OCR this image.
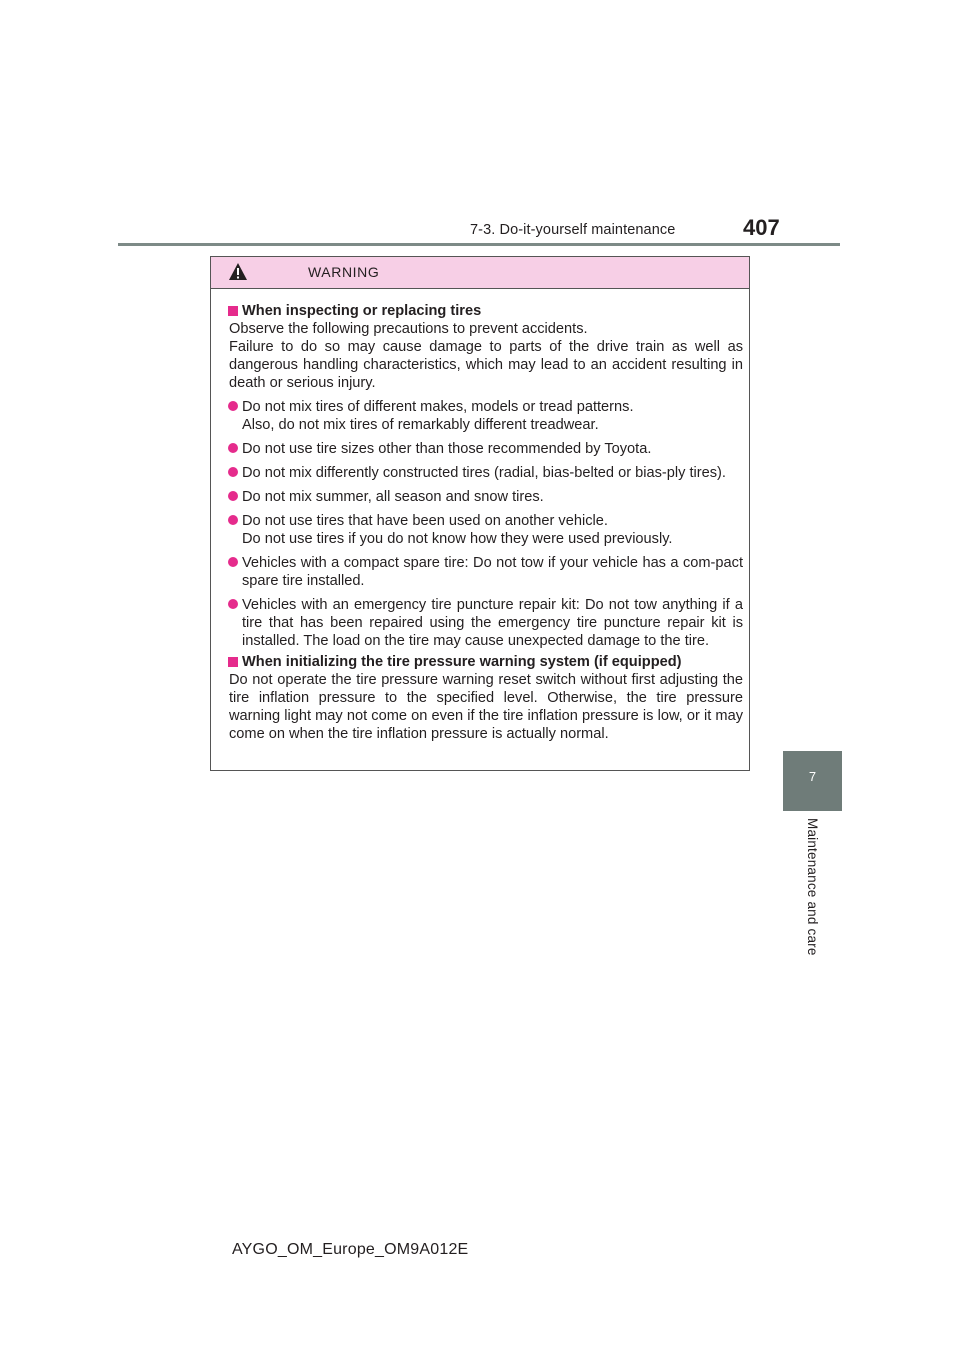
7-3. Do-it-yourself maintenance	407
7
Maintenance and care
WARNING
When inspecting or replacing tires
Observe the following precautions to prevent accidents.
Failure to do so may cause damage to parts of the drive train as well as dangerous handling characteristics, which may lead to an accident resulting in death or serious injury.
Do not mix tires of different makes, models or tread patterns.
Also, do not mix tires of remarkably different treadwear.
Do not use tire sizes other than those recommended by Toyota.
Do not mix differently constructed tires (radial, bias-belted or bias-ply tires).
Do not mix summer, all season and snow tires.
Do not use tires that have been used on another vehicle.
Do not use tires if you do not know how they were used previously.
Vehicles with a compact spare tire: Do not tow if your vehicle has a com-pact spare tire installed.
Vehicles with an emergency tire puncture repair kit: Do not tow anything if a tire that has been repaired using the emergency tire puncture repair kit is installed. The load on the tire may cause unexpected damage to the tire.
When initializing the tire pressure warning system (if equipped)
Do not operate the tire pressure warning reset switch without first adjusting the tire inflation pressure to the specified level. Otherwise, the tire pressure warning light may not come on even if the tire inflation pressure is low, or it may come on when the tire inflation pressure is actually normal.
AYGO_OM_Europe_OM9A012E
